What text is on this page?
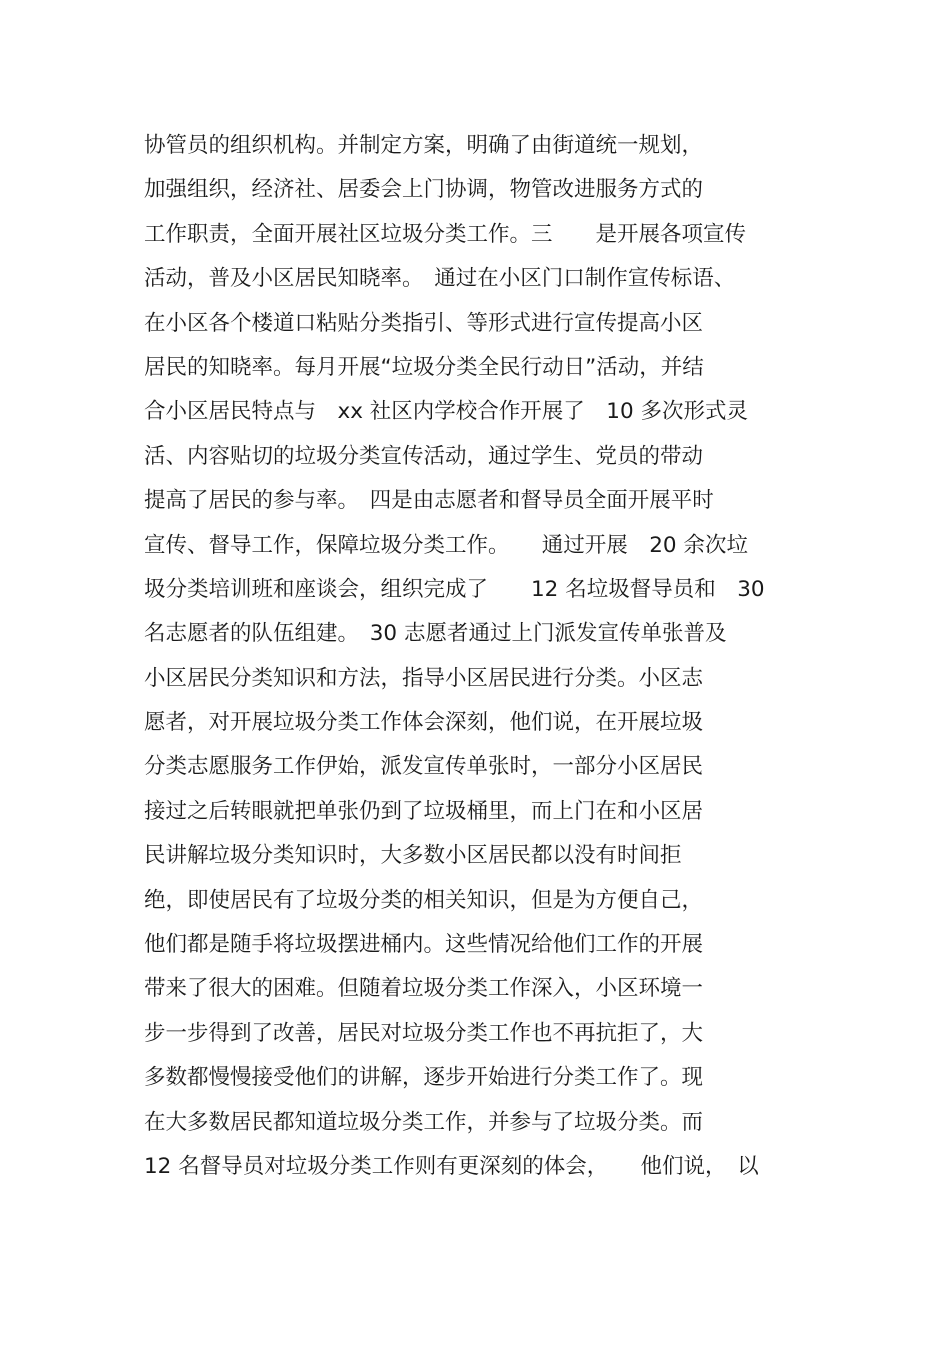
协管员的组织机构。并制定方案，明确了由街道统一规划，
加强组织，经济社、居委会上门协调，物管改进服务方式的
工作职责，全面开展社区垃圾分类工作。三　　是开展各项宣传
活动，普及小区居民知晓率。　通过在小区门口制作宣传标语、
在小区各个楼道口粘贴分类指引、等形式进行宣传提高小区
居民的知晓率。每月开展“垃圾分类全民行动日”活动，并结
合小区居民特点与　xx 社区内学校合作开展了　10 多次形式灵
活、内容贴切的垃圾分类宣传活动，通过学生、党员的带动
提高了居民的参与率。　四是由志愿者和督导员全面开展平时
宣传、督导工作，保障垃圾分类工作。　　通过开展　20 余次垃
圾分类培训班和座谈会，组织完成了　　12 名垃圾督导员和　30
名志愿者的队伍组建。　30 志愿者通过上门派发宣传单张普及
小区居民分类知识和方法，指导小区居民进行分类。小区志
愿者，对开展垃圾分类工作体会深刻，他们说，在开展垃圾
分类志愿服务工作伊始，派发宣传单张时，一部分小区居民
接过之后转眼就把单张仍到了垃圾桶里，而上门在和小区居
民讲解垃圾分类知识时，大多数小区居民都以没有时间拒
绝，即使居民有了垃圾分类的相关知识，但是为方便自己，
他们都是随手将垃圾摆进桶内。这些情况给他们工作的开展
带来了很大的困难。但随着垃圾分类工作深入，小区环境一
步一步得到了改善，居民对垃圾分类工作也不再抗拒了，大
多数都慢慢接受他们的讲解，逐步开始进行分类工作了。现
在大多数居民都知道垃圾分类工作，并参与了垃圾分类。而
12 名督导员对垃圾分类工作则有更深刻的体会，　　他们说，　以
